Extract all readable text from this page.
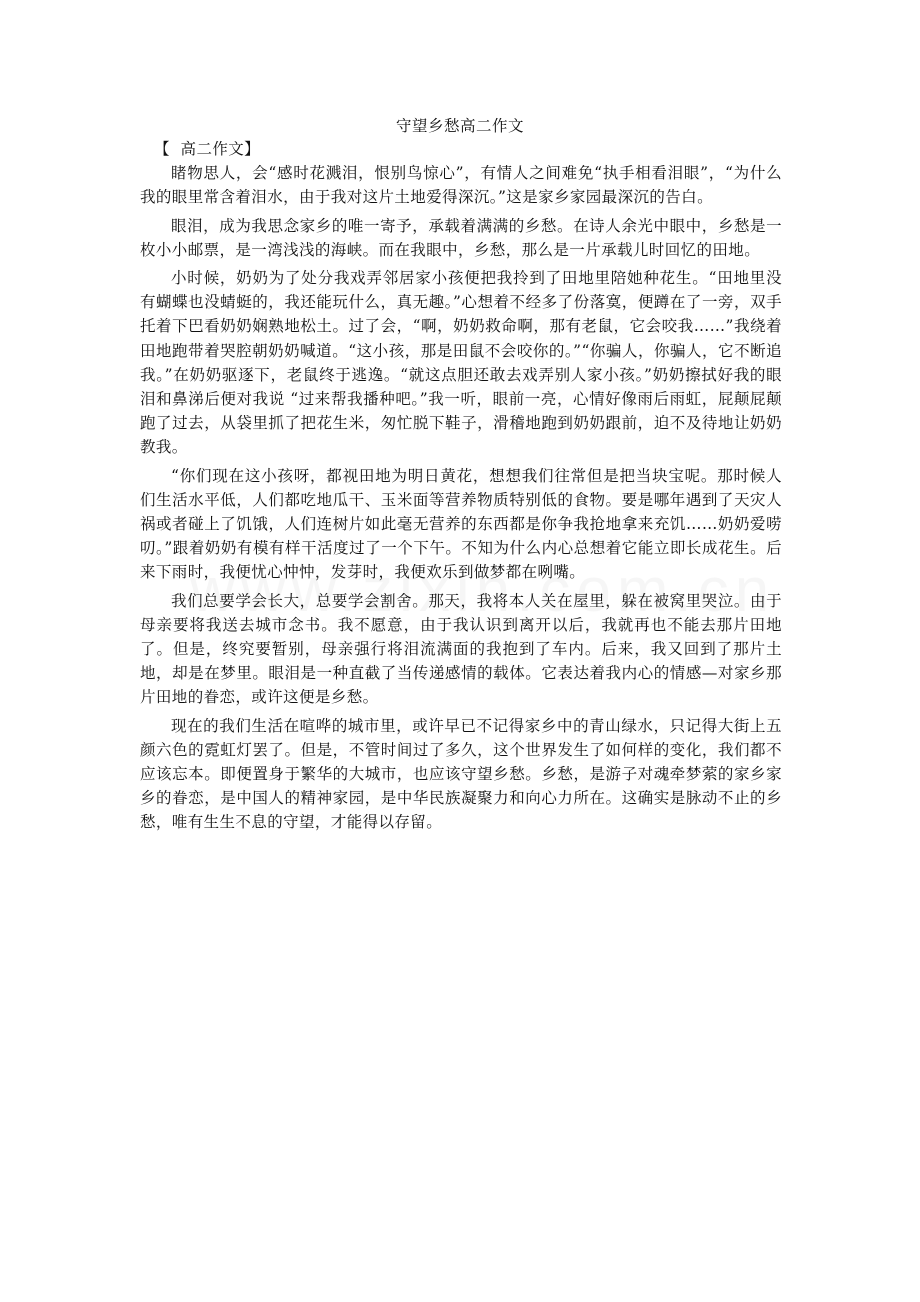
守望乡愁高二作文

【  高二作文】

睹物思人，会“感时花溅泪，恨别鸟惊心”，有情人之间难免“执手相看泪眼”，“为什么我的眼里常含着泪水，由于我对这片土地爱得深沉。”这是家乡家园最深沉的告白。

眼泪，成为我思念家乡的唯一寄予，承载着满满的乡愁。在诗人余光中眼中，乡愁是一枚小小邮票，是一湾浅浅的海峡。而在我眼中，乡愁，那么是一片承载儿时回忆的田地。

小时候，奶奶为了处分我戏弄邻居家小孩便把我拎到了田地里陪她种花生。“田地里没有蝴蝶也没蜻蜓的，我还能玩什么，真无趣。”心想着不经多了份落寞，便蹲在了一旁，双手托着下巴看奶奶娴熟地松土。过了会，“啊，奶奶救命啊，那有老鼠，它会咬我……”我绕着田地跑带着哭腔朝奶奶喊道。“这小孩，那是田鼠不会咬你的。”“你骗人，你骗人，它不断追我。”在奶奶驱逐下，老鼠终于逃逸。“就这点胆还敢去戏弄别人家小孩。”奶奶擦拭好我的眼泪和鼻涕后便对我说 “过来帮我播种吧。”我一听，眼前一亮，心情好像雨后雨虹，屁颠屁颠跑了过去，从袋里抓了把花生米，匆忙脱下鞋子，滑稽地跑到奶奶跟前，迫不及待地让奶奶教我。

“你们现在这小孩呀，都视田地为明日黄花，想想我们往常但是把当块宝呢。那时候人们生活水平低，人们都吃地瓜干、玉米面等营养物质特别低的食物。要是哪年遇到了天灾人祸或者碰上了饥饿，人们连树片如此毫无营养的东西都是你争我抢地拿来充饥……奶奶爱唠叨。”跟着奶奶有模有样干活度过了一个下午。不知为什么内心总想着它能立即长成花生。后来下雨时，我便忧心忡忡，发芽时，我便欢乐到做梦都在咧嘴。

我们总要学会长大，总要学会割舍。那天，我将本人关在屋里，躲在被窝里哭泣。由于母亲要将我送去城市念书。我不愿意，由于我认识到离开以后，我就再也不能去那片田地了。但是，终究要暂别，母亲强行将泪流满面的我抱到了车内。后来，我又回到了那片土地，却是在梦里。眼泪是一种直截了当传递感情的载体。它表达着我内心的情感—对家乡那片田地的眷恋，或许这便是乡愁。

现在的我们生活在喧哗的城市里，或许早已不记得家乡中的青山绿水，只记得大街上五颜六色的霓虹灯罢了。但是，不管时间过了多久，这个世界发生了如何样的变化，我们都不应该忘本。即便置身于繁华的大城市，也应该守望乡愁。乡愁，是游子对魂牵梦萦的家乡家乡的眷恋，是中国人的精神家园，是中华民族凝聚力和向心力所在。这确实是脉动不止的乡愁，唯有生生不息的守望，才能得以存留。
